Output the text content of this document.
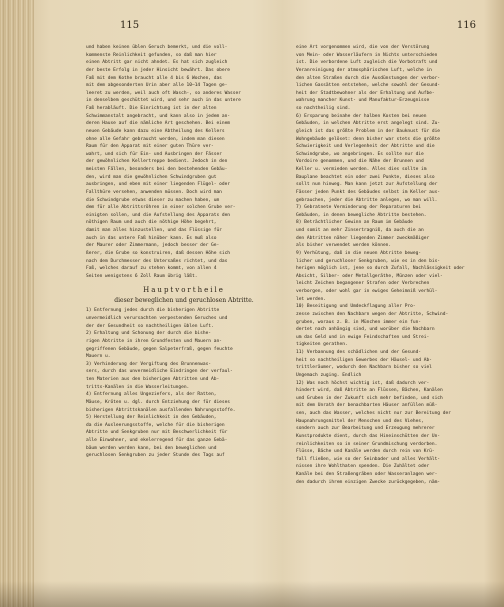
115
und haben keinen üblen Geruch bemerkt, und die voll-
kommenste Reinlichkeit gefunden, so daß man hier
einen Abtritt gar nicht ahndet. Es hat sich zugleich
der beste Erfolg in jeder Hinsicht bewährt. Das obere
Faß mit dem Kothe braucht alle 4 bis 6 Wochen, das
mit dem abgesonderten Urin aber alle 10—14 Tagen ge-
leeret zu werden, weil auch oft Wasch-, so anderes Wasser
in denselbem geschüttet wird, und sehr auch in das untere
Faß herabläuft. Die Einrichtung ist in der alten
Schwimmanstalt angebracht, und kann also in jedem an-
deren Hause auf die nämliche Art geschehen. Bei einem
neuen Gebäude kann dazu eine Abtheilung des Kellers
ohne alle Gefahr gebraucht werden, indem man diesen
Raum für den Apparat mit einer guten Thüre ver-
wahrt, und sich für Ein- und Ausbringen der Fässer
der gewöhnlichen Kellertreppe bedient. Jedoch in den
meisten Fällen, besonders bei den bestehenden Gebäu-
den, wird man die gewöhnlichen Schwindgruben gut
ausbringen, und eben mit einer liegenden Flügel- oder
Fallthüre versehen, anwenden müssen. Doch wird man
die Schwindgrube etwas dieser zu machen haben, um
dem für alle Abtrittsröhren in einer solchen Grube ver-
einigten sollen, und die Aufstellung des Apparats den
nöthigen Raum und auch die nöthige Höhe begehrt,
damit man alles hinzustellen, und das Flüssige für
auch in das untere Faß hinüber kann. Es muß also
der Maurer oder Zimmermann, jedoch besser der Ge-
ßerer, die Grube so konstruiren, daß dessen Höhe sich
nach dem Durchmesser des Untersaßes richtet, und das
Faß, welches darauf zu stehen kommt, von allen 4
Seiten wenigstens 6 Zoll Raum übrig läßt.
Hauptvortheile
dieser beweglichen und geruchlosen Abtritte.
1) Entfernung jedes durch die bisherigen Abtritte
unvermeidlich verursachten verpestenden Geruches und
der der Gesundheit so nachtheiligen üblen Luft.
2) Erhaltung und Schonung der durch die bishe-
rigen Abtritte in ihren Grundfesten und Mauern an-
gegriffenen Gebäude, gegen Salpeterfraß, gegen feuchte
Mauern u.
3) Verhinderung der Vergiftung des Brunnenwas-
sers, durch das unvermeidliche Eindringen der verfaul-
ten Materien aus den bisherigen Abtritten und Ab-
tritts-Kanälen in die Wasserleitungen.
4) Entfernung alles Ungeziefers, als der Ratten,
Mäuse, Kröten u. dgl. durch Entziehung der für dieses
bisherigen Abtrittskanälen ausfallenden Nahrungsstoffe.
5) Herstellung der Reinlichkeit in den Gebäuden,
da die Ausleerungsstoffe, welche für die bisherigen
Abtritte und Senkgruben nur mit Beschwerlichkeit für
alle Einwohner, und ekelerregend für das ganze Gebä-
bäum werden werden kann, bei den beweglichen und
geruchlosen Senkgruben zu jeder Stunde des Tags auf
116
eine Art vorgenommen wird, die von der Verstörung
von Mein- oder Wasserläufern in Nichts unterschieden
ist. Die verbordene Luft zugleich die Vorbotraft und
Veranreinigung der atmosphärischen Luft, welche in
den alten Straßen durch die Ausdünstungen der verbor-
lichen Gassätten entstehen, welche sowohl der Gesund-
heit der Stadtbewohner als der Erhaltung und Aufbe-
wahrung mancher Kunst- und Manufaktur-Erzeugnisse
so nachtheilig sind.
6) Ersparung beinahe der halben Kosten bei neuen
Gebäuden, in welchen Abtritte erst angelegt sind. Zu-
gleich ist das größte Problem in der Bauknust für die
Wohngebäude gelöset: denn bisher war stets die größte
Schwierigkeit und Verlegenheit der Abtritte und die
Schwindgrube, wo angebringen. Es sollte nur die
Vordoire genommen, und die Nähe der Brunnen und
Keller u. vermieden werden. Alles dies sollte im
Bauplane beachtet ein oder zwei Punkte, dieses also
sollt nun hinweg. Man kann jetzt zur Aufstellung der
Fässer jeden Punkt des Gebäudes selbst im Keller aus-
gebrauchen, jeder die Abtritte anlegen, wo man will.
7) Gebratnete Verminderung der Reparaturen bei
Gebäuden, in denen bewegliche Abtritte bestehen.
8) Beträchtlicher Gewinn an Raum im Gebäude
und somit an mehr Zinsertragniß, da auch die an
den Abtritten näher liegenden Zimmer zweckmäßiger
als bisher verwendet werden können.
9) Verhütung, daß in die neuen Abtritte beweg-
licher und geruchloser Senkgruben, wie es in den bis-
herigen möglich ist, jene so durch Zufall, Nachlässigkeit oder
Absicht, Silber- oder Metallgeräthe, Münzen oder viel-
leicht Zeichen begangener Strafen oder Verbrechen
verborgen, oder wohl gar in ewiges Geheimniß verhül-
let werden.
10) Beseitigung und Umdeckflagung aller Pro-
zesse zwischen den Nachbarn wegen der Abtritte, Schwind-
gruben, woraus z. B. in München immer ein fun-
dertet nach anhängig sind, und worüber die Nachbarn
um das Geld und in ewige Feindschaften und Strei-
tigkeiten gerathen.
11) Verbannung des schädlichen und der Gesund-
heit so nachtheiligen Gewerbes der Häusel- und Ab-
trittleräumer, wodurch den Nachbarn bisher so viel
Ungemach zuging. Endlich
12) Was noch höchst wichtig ist, daß dadurch ver-
hindert wird, daß Abtritte an Flüssen, Bächen, Kanälen
und Gruben in der Zukunft sich mehr befinden, und sich
mit dem Unrath der benachbarten Häuser anfüllen müß-
sen, auch das Wasser, welches nicht nur zur Bereitung der
Haupnahrungsmittel der Menschen und des Viehes,
sondern auch zur Bearbeitung und Erzeugung mehrerer
Kunstprodukte dient, durch das Hineinschütten der Un-
reinlichkeiten so in seiner Grundmischung verdorben.
Flüsse, Bäche und Kanäle werden durch rein von Krü-
fall fließen, wie so der Seinbader und alles Verhält-
nissen ihre Wohlthaten spenden. Die Zuhältet oder
Kanäle bei den Straßengräben oder Wasseranlagen wer-
den dadurch ihrem einzigen Zwecke zurückgegeben, näm-
